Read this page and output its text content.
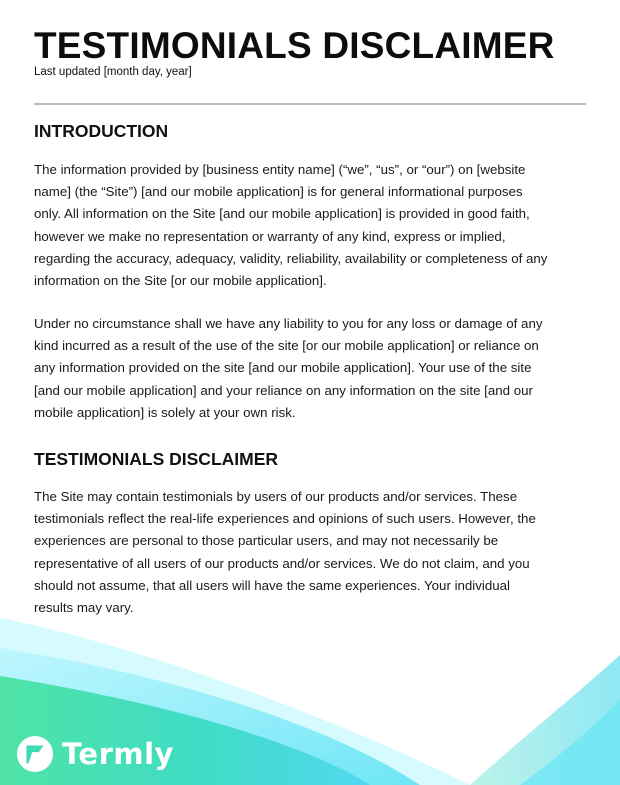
TESTIMONIALS DISCLAIMER
Last updated [month day, year]
INTRODUCTION
The information provided by [business entity name] (“we”, “us”, or “our”) on [website
name] (the “Site”) [and our mobile application] is for general informational purposes
only. All information on the Site [and our mobile application] is provided in good faith,
however we make no representation or warranty of any kind, express or implied,
regarding the accuracy, adequacy, validity, reliability, availability or completeness of any
information on the Site [or our mobile application].
Under no circumstance shall we have any liability to you for any loss or damage of any
kind incurred as a result of the use of the site [or our mobile application] or reliance on
any information provided on the site [and our mobile application]. Your use of the site
[and our mobile application] and your reliance on any information on the site [and our
mobile application] is solely at your own risk.
TESTIMONIALS DISCLAIMER
The Site may contain testimonials by users of our products and/or services. These
testimonials reflect the real-life experiences and opinions of such users. However, the
experiences are personal to those particular users, and may not necessarily be
representative of all users of our products and/or services. We do not claim, and you
should not assume, that all users will have the same experiences. Your individual
results may vary.
Termly
